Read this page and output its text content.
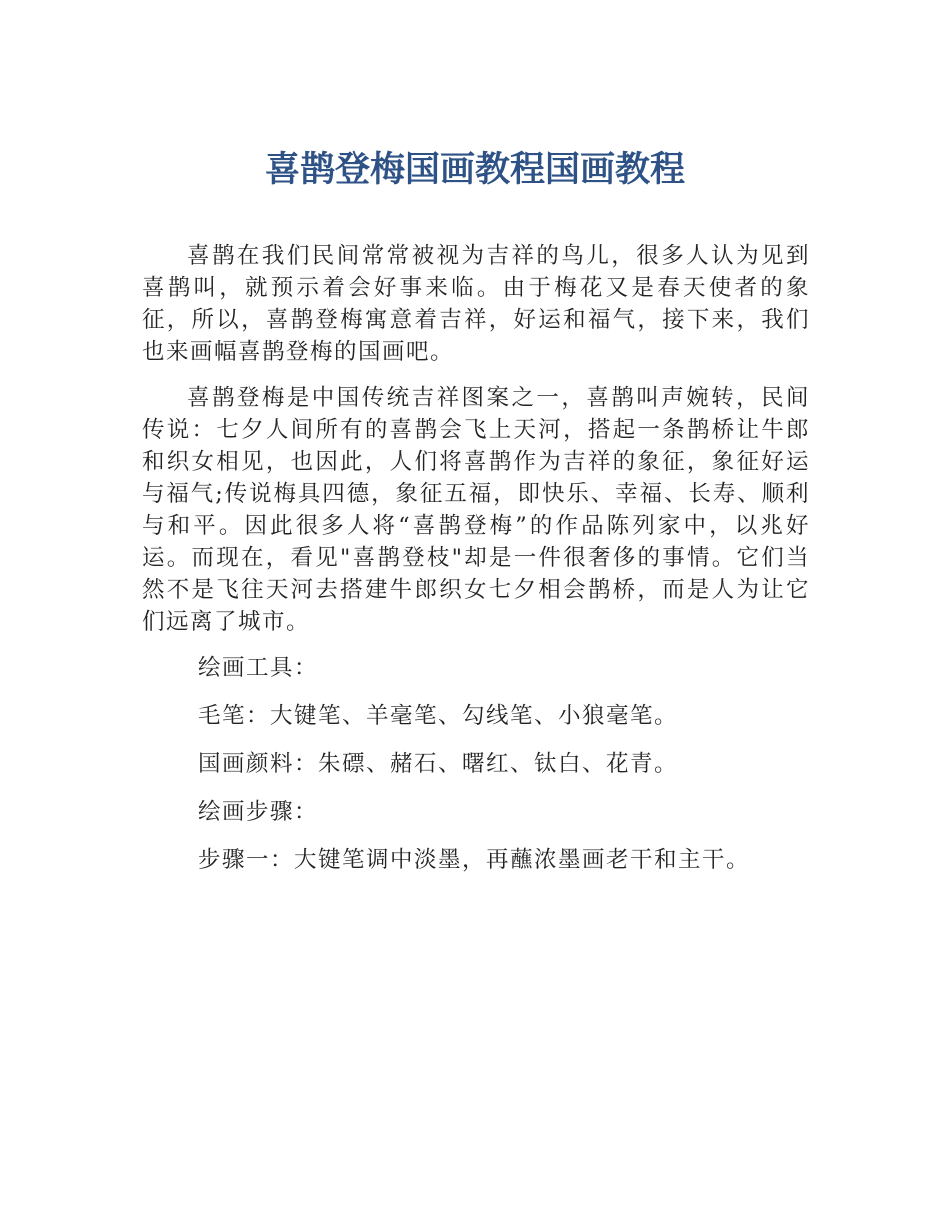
喜鹊登梅国画教程国画教程

喜鹊在我们民间常常被视为吉祥的鸟儿，很多人认为见到喜鹊叫，就预示着会好事来临。由于梅花又是春天使者的象征，所以，喜鹊登梅寓意着吉祥，好运和福气，接下来，我们也来画幅喜鹊登梅的国画吧。

喜鹊登梅是中国传统吉祥图案之一，喜鹊叫声婉转，民间传说：七夕人间所有的喜鹊会飞上天河，搭起一条鹊桥让牛郎和织女相见，也因此，人们将喜鹊作为吉祥的象征，象征好运与福气;传说梅具四德，象征五福，即快乐、幸福、长寿、顺利与和平。因此很多人将“喜鹊登梅”的作品陈列家中，以兆好运。而现在，看见"喜鹊登枝"却是一件很奢侈的事情。它们当然不是飞往天河去搭建牛郎织女七夕相会鹊桥，而是人为让它们远离了城市。

绘画工具：

毛笔：大键笔、羊毫笔、勾线笔、小狼毫笔。

国画颜料：朱磦、赭石、曙红、钛白、花青。

绘画步骤：

步骤一：大键笔调中淡墨，再蘸浓墨画老干和主干。
